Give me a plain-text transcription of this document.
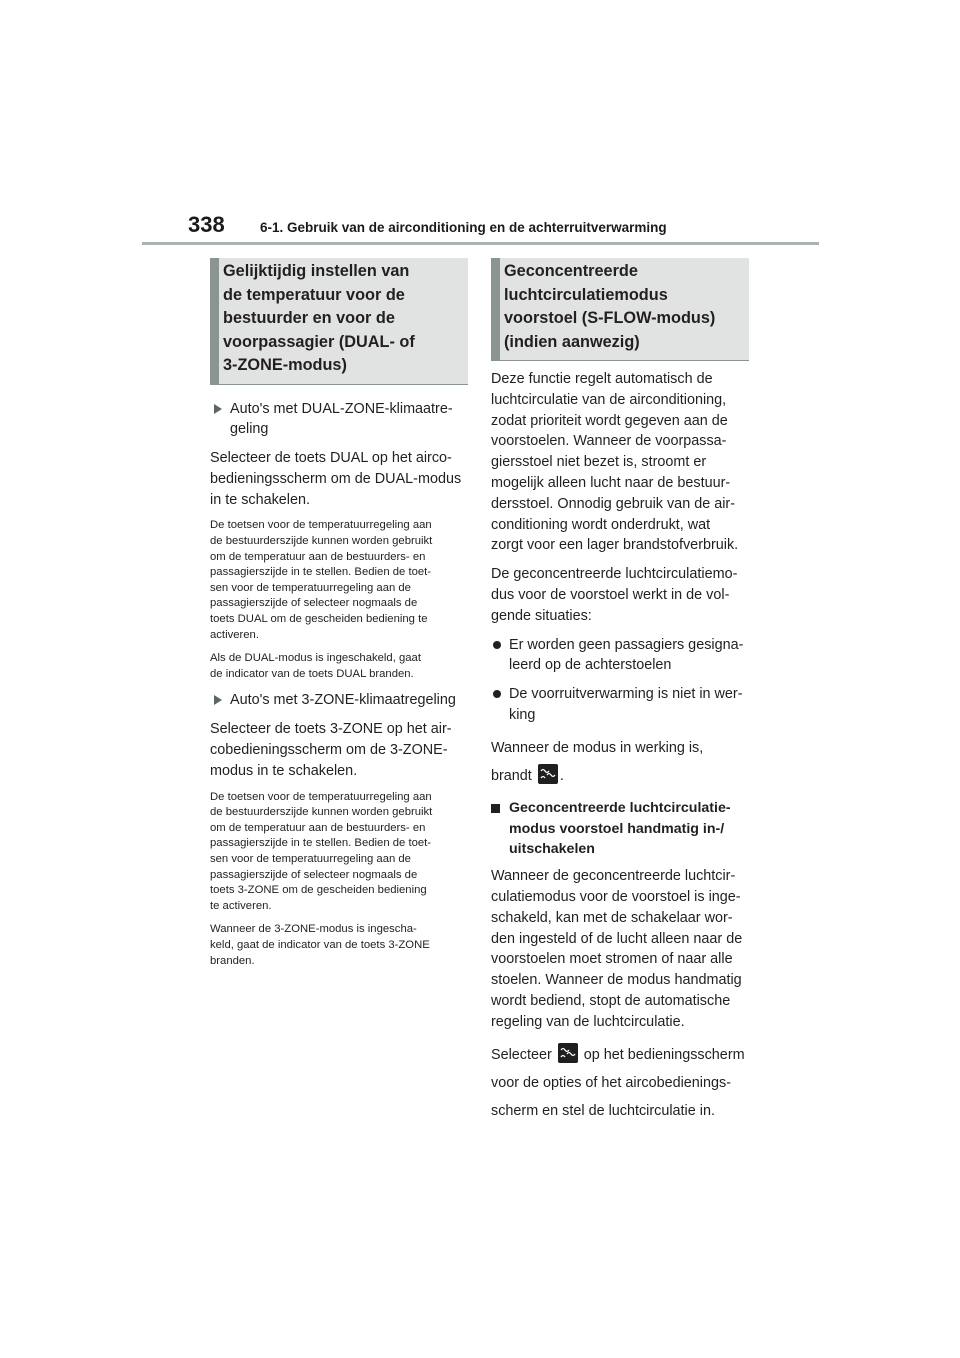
338	6-1. Gebruik van de airconditioning en de achterruitverwarming
Gelijktijdig instellen van
de temperatuur voor de
bestuurder en voor de
voorpassagier (DUAL- of
3-ZONE-modus)
Auto's met DUAL-ZONE-klimaatre-
geling

Selecteer de toets DUAL op het airco-
bedieningsscherm om de DUAL-modus
in te schakelen.

De toetsen voor de temperatuurregeling aan
de bestuurderszijde kunnen worden gebruikt
om de temperatuur aan de bestuurders- en
passagierszijde in te stellen. Bedien de toet-
sen voor de temperatuurregeling aan de
passagierszijde of selecteer nogmaals de
toets DUAL om de gescheiden bediening te
activeren.

Als de DUAL-modus is ingeschakeld, gaat
de indicator van de toets DUAL branden.

Auto's met 3-ZONE-klimaatregeling

Selecteer de toets 3-ZONE op het air-
cobedieningsscherm om de 3-ZONE-
modus in te schakelen.

De toetsen voor de temperatuurregeling aan
de bestuurderszijde kunnen worden gebruikt
om de temperatuur aan de bestuurders- en
passagierszijde in te stellen. Bedien de toet-
sen voor de temperatuurregeling aan de
passagierszijde of selecteer nogmaals de
toets 3-ZONE om de gescheiden bediening
te activeren.

Wanneer de 3-ZONE-modus is ingescha-
keld, gaat de indicator van de toets 3-ZONE
branden.

Geconcentreerde
luchtcirculatiemodus
voorstoel (S-FLOW-modus)
(indien aanwezig)

Deze functie regelt automatisch de
luchtcirculatie van de airconditioning,
zodat prioriteit wordt gegeven aan de
voorstoelen. Wanneer de voorpassa-
giersstoel niet bezet is, stroomt er
mogelijk alleen lucht naar de bestuur-
dersstoel. Onnodig gebruik van de air-
conditioning wordt onderdrukt, wat
zorgt voor een lager brandstofverbruik.

De geconcentreerde luchtcirculatiemo-
dus voor de voorstoel werkt in de vol-
gende situaties:

Er worden geen passagiers gesigna-
leerd op de achterstoelen
De voorruitverwarming is niet in wer-
king

Wanneer de modus in werking is,
brandt
.

Geconcentreerde luchtcirculatie-
modus voorstoel handmatig in-/
uitschakelen

Wanneer de geconcentreerde luchtcir-
culatiemodus voor de voorstoel is inge-
schakeld, kan met de schakelaar wor-
den ingesteld of de lucht alleen naar de
voorstoelen moet stromen of naar alle
stoelen. Wanneer de modus handmatig
wordt bediend, stopt de automatische
regeling van de luchtcirculatie.

Selecteer
op het bedieningsscherm
voor de opties of het aircobedienings-
scherm en stel de luchtcirculatie in.
